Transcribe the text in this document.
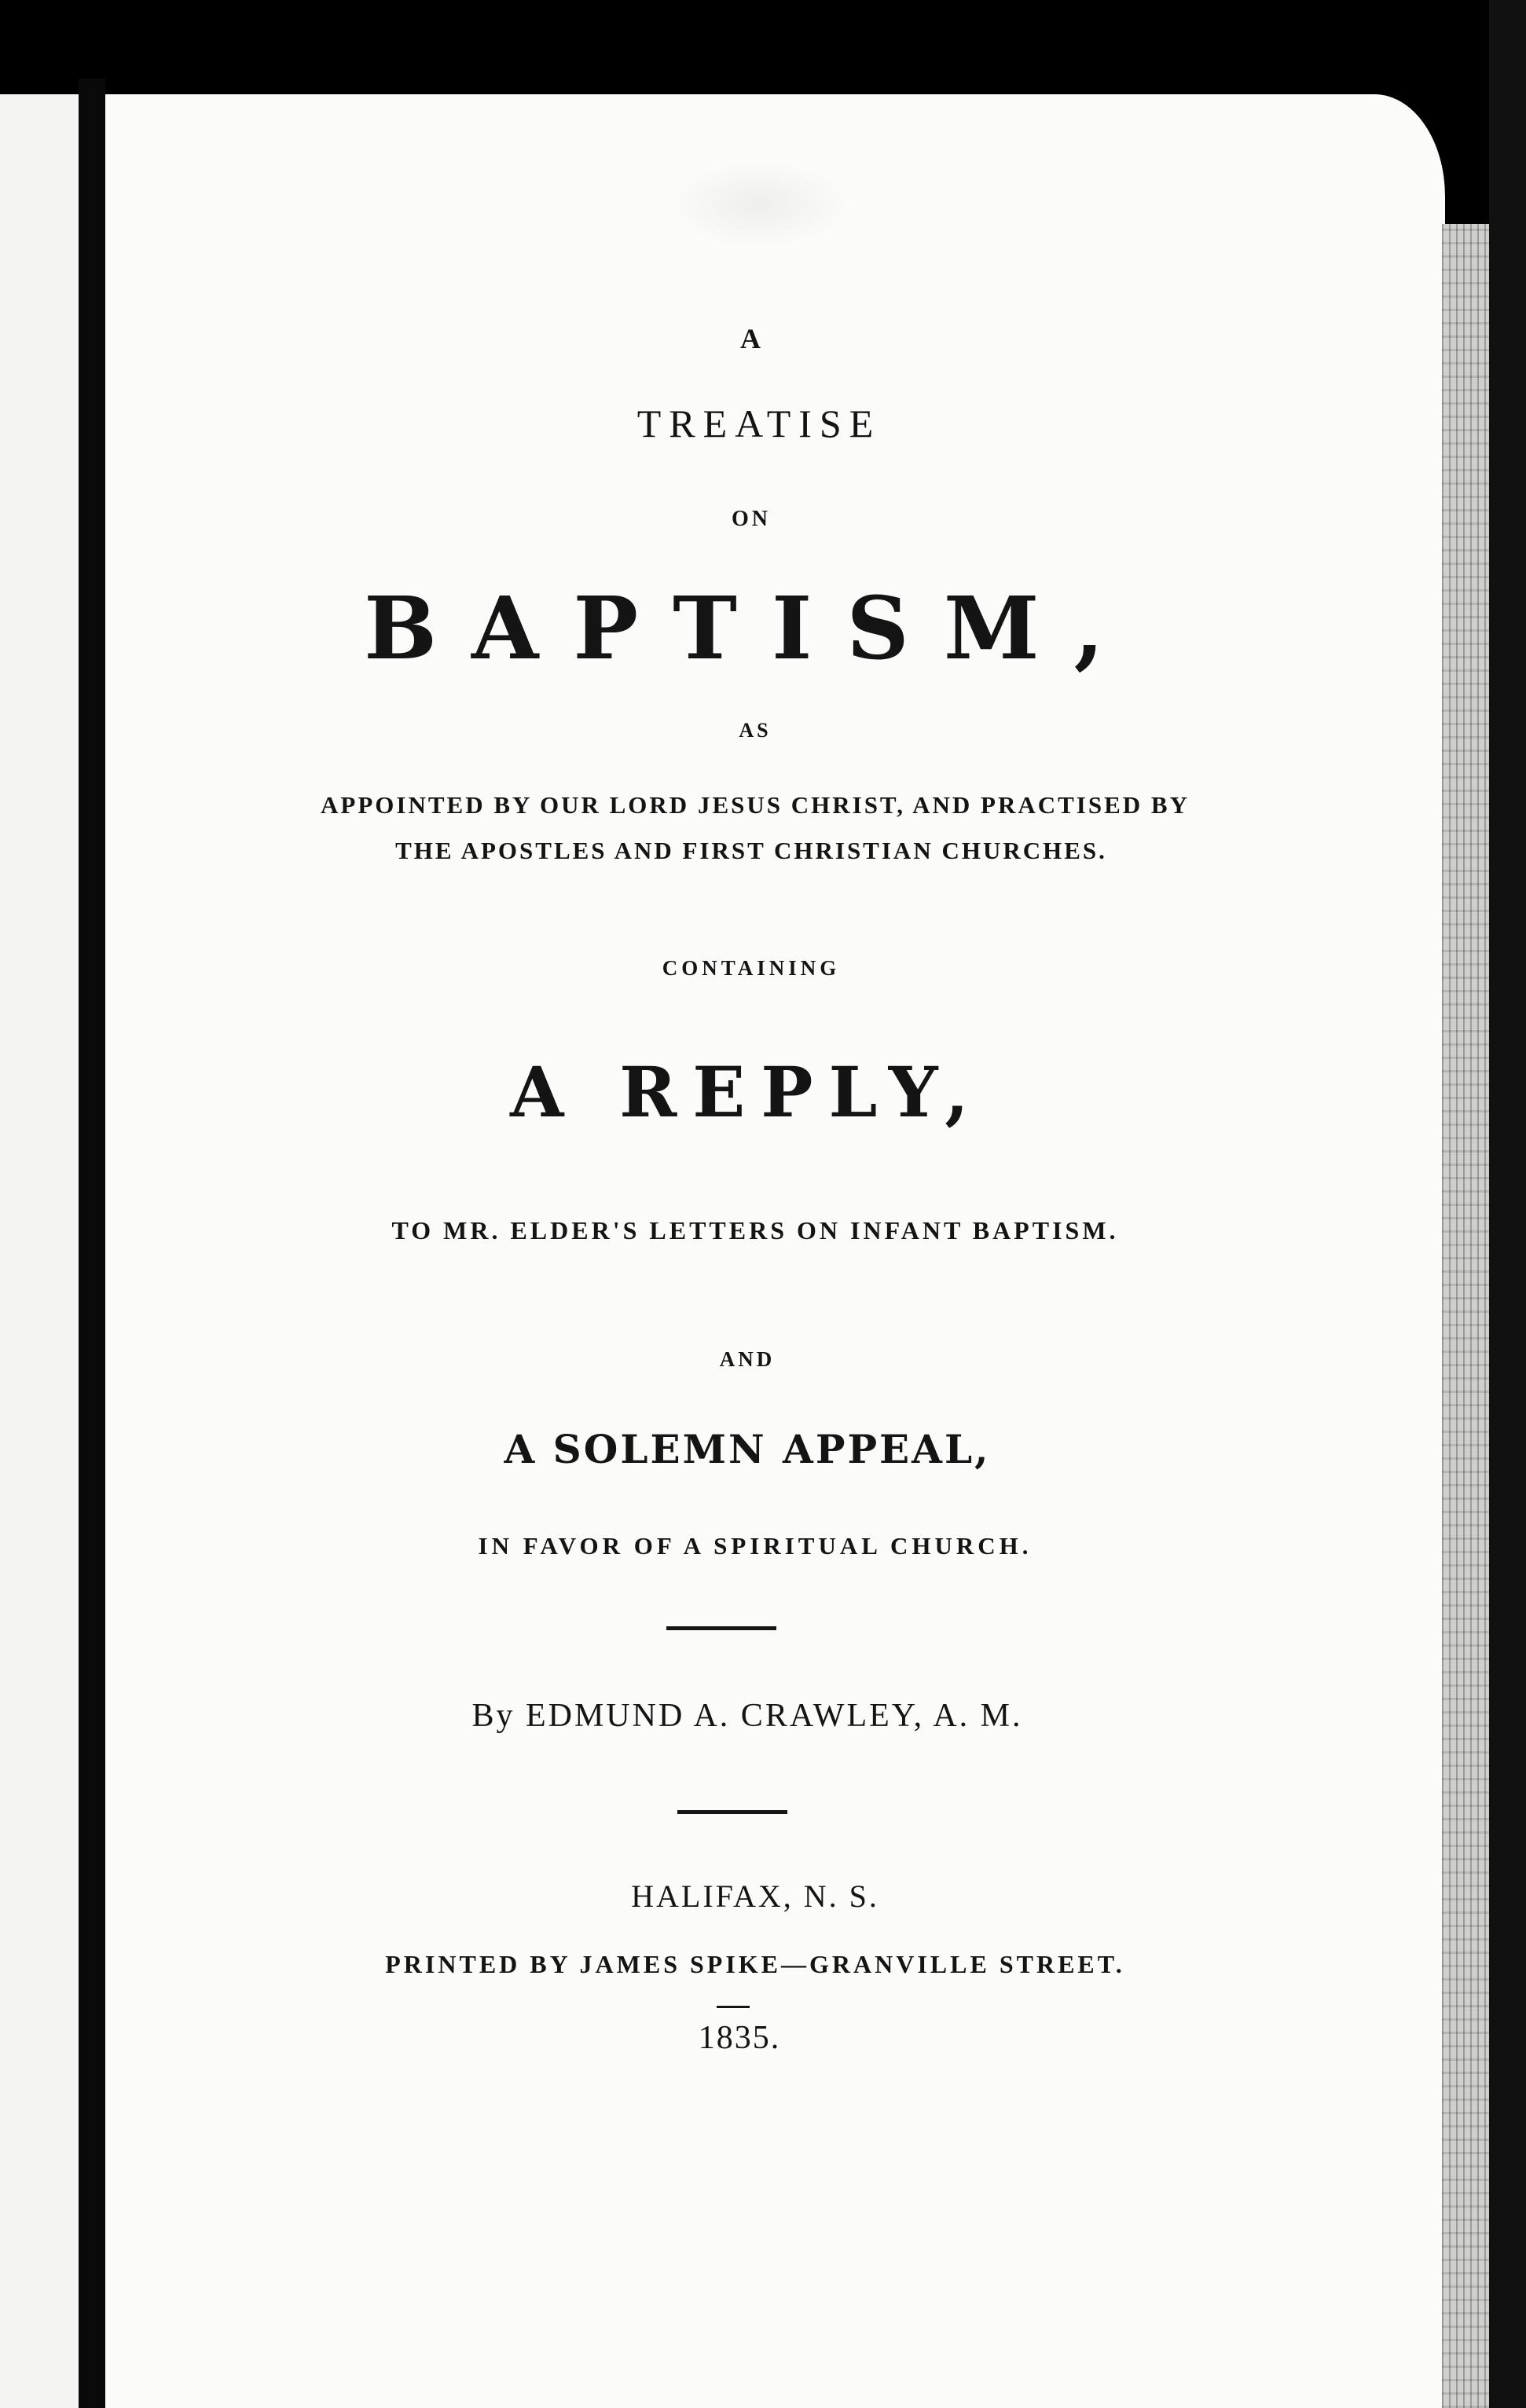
A

TREATISE

ON

BAPTISM,

AS

APPOINTED BY OUR LORD JESUS CHRIST, AND PRACTISED BY

THE APOSTLES AND FIRST CHRISTIAN CHURCHES.

CONTAINING

A REPLY,

TO MR. ELDER'S LETTERS ON INFANT BAPTISM.

AND

A SOLEMN APPEAL,

IN FAVOR OF A SPIRITUAL CHURCH.

By EDMUND A. CRAWLEY, A. M.

HALIFAX, N. S.

PRINTED BY JAMES SPIKE—GRANVILLE STREET.

1835.
